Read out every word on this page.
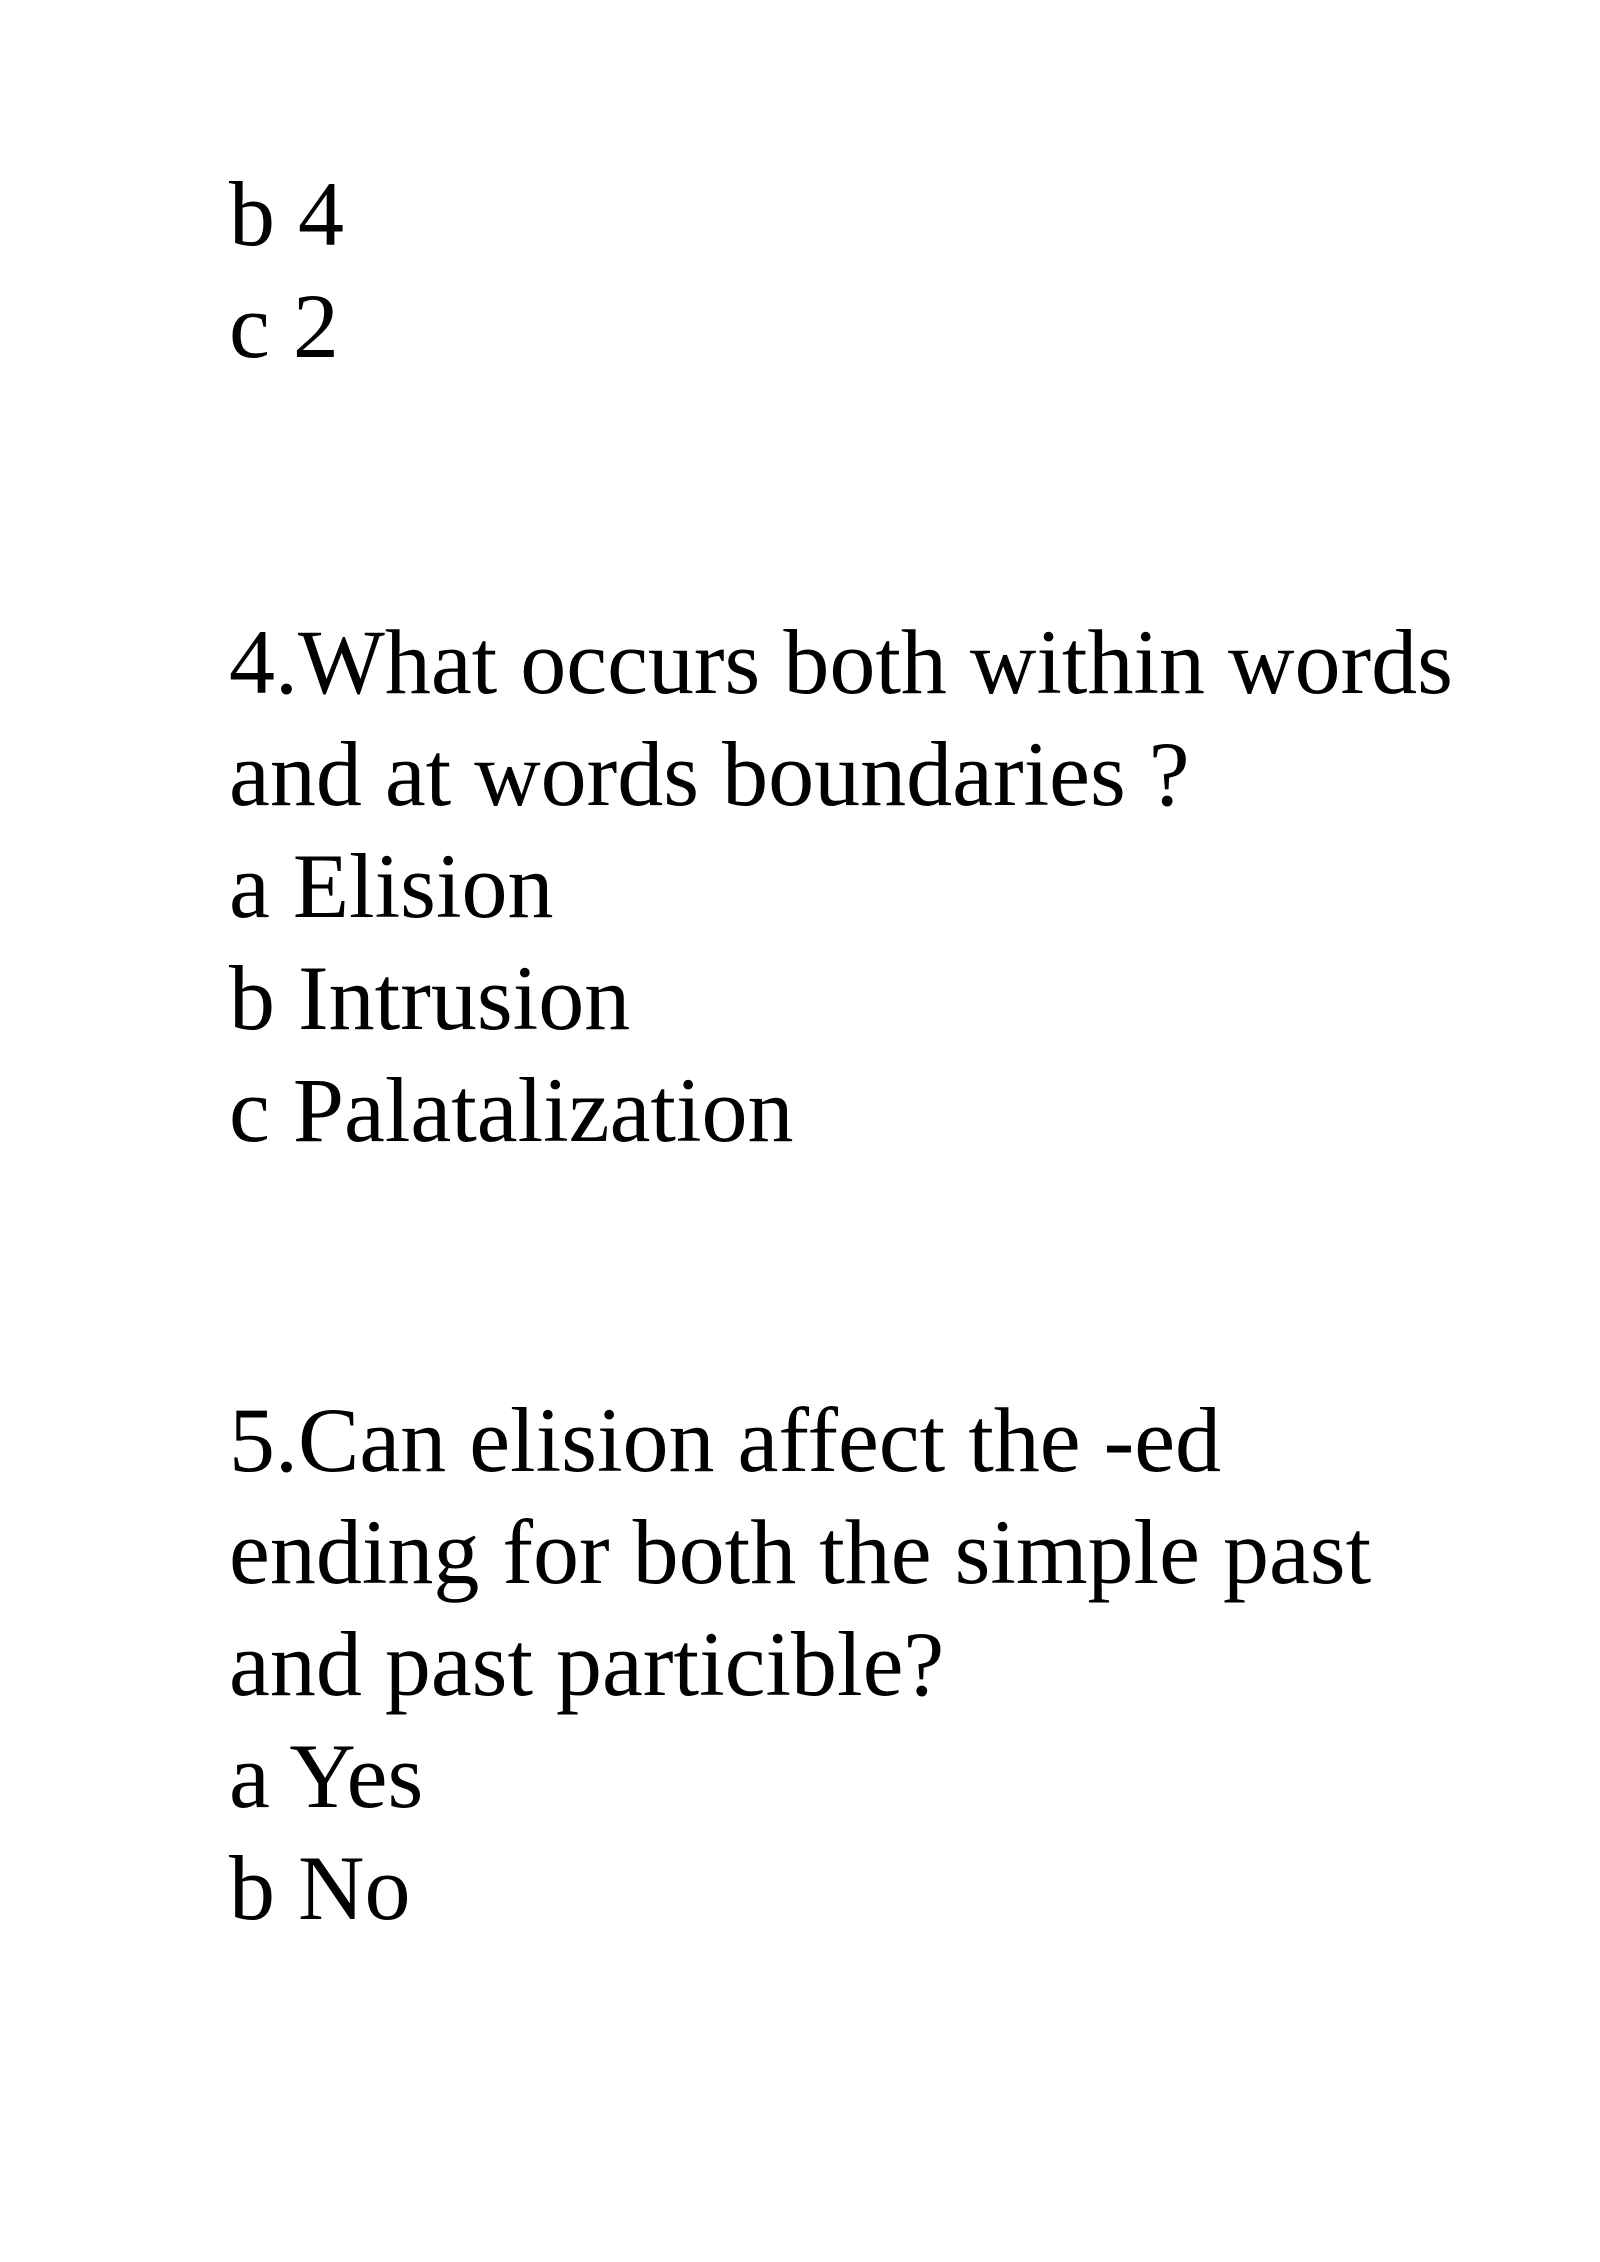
b 4
c 2
4.What occurs both within words
and at words boundaries ?
a Elision
b Intrusion
c Palatalization
5.Can elision affect the -ed
ending for both the simple past
and past particible?
a Yes
b No
